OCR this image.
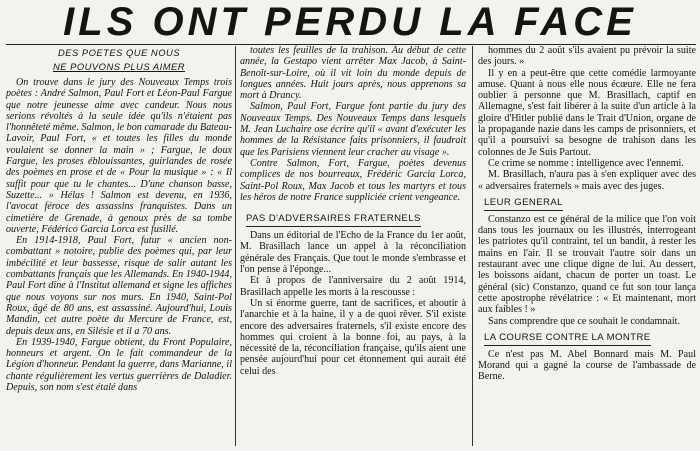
ILS ONT PERDU LA FACE
DES POETES QUE NOUS
NE POUVONS PLUS AIMER

On trouve dans le jury des Nouveaux Temps trois poètes : André Salmon, Paul Fort et Léon-Paul Fargue que notre jeunesse aime avec candeur. Nous nous serions révoltés à la seule idée qu'ils n'étaient pas l'honnêteté même. Salmon, le bon camarade du Bateau-Lavoir, Paul Fort, « et toutes les filles du monde voulaient se donner la main » ; Fargue, le doux Fargue, les proses éblouissantes, guirlandes de rosée des poèmes en prose et de « Pour la musique » : « Il suffit pour que tu le chantes... D'une chanson basse, Suzette... » Hélas ! Salmon est devenu, en 1936, l'avocat féroce des assassins franquistes. Dans un cimetière de Grenade, à genoux près de sa tombe ouverte, Fédérico Garcia Lorca est fusillé.

En 1914-1918, Paul Fort, futur « ancien non-combattant » notoire, publie des poèmes qui, par leur imbécilité et leur bassesse, risque de salir autant les combattants français que les Allemands. En 1940-1944, Paul Fort dîne à l'Institut allemand et signe les affiches que nous voyons sur nos murs. En 1940, Saint-Pol Roux, âgé de 80 ans, est assassiné. Aujourd'hui, Louis Mandin, cet autre poète du Mercure de France, est, depuis deux ans, en Silésie et il a 70 ans.

En 1939-1940, Fargue obtient, du Front Populaire, honneurs et argent. On le fait commandeur de la Légion d'honneur. Pendant la guerre, dans Marianne, il chante régulièrement les vertus guerrières de Daladier. Depuis, son nom s'est étalé dans

toutes les feuilles de la trahison. Au début de cette année, la Gestapo vient arrêter Max Jacob, à Saint-Benoît-sur-Loire, où il vit loin du monde depuis de longues années. Huit jours après, nous apprenons sa mort à Drancy.

Salmon, Paul Fort, Fargue font partie du jury des Nouveaux Temps. Des Nouveaux Temps dans lesquels M. Jean Luchaire ose écrire qu'il « avant d'exécuter les hommes de la Résistance faits prisonniers, il faudrait que les Parisiens viennent leur cracher au visage ».

Contre Salmon, Fort, Fargue, poètes devenus complices de nos bourreaux, Frédéric Garcia Lorca, Saint-Pol Roux, Max Jacob et tous les martyrs et tous les héros de notre France suppliciée crient vengeance.

PAS D'ADVERSAIRES FRATERNELS

Dans un éditorial de l'Echo de la France du 1er août, M. Brasillach lance un appel à la réconciliation générale des Français. Que tout le monde s'embrasse et l'on pense à l'éponge...

Et à propos de l'anniversaire du 2 août 1914, Brasillach appelle les morts à la rescousse :

Un si énorme guerre, tant de sacrifices, et aboutir à l'anarchie et à la haine, il y a de quoi rêver. S'il existe encore des adversaires fraternels, s'il existe encore des hommes qui croient à la bonne foi, au pays, à la nécessité de la, réconciliation française, qu'ils aient une pensée aujourd'hui pour cet étonnement qui aurait été celui des

hommes du 2 août s'ils avaient pu prévoir la suite des jours. »

Il y en a peut-être que cette comédie larmoyante amuse. Quant à nous elle nous écœure. Elle ne fera oublier à personne que M. Brasillach, captif en Allemagne, s'est fait libérer à la suite d'un article à la gloire d'Hitler publié dans le Trait d'Union, organe de la propagande nazie dans les camps de prisonniers, et qu'il a poursuivi sa besogne de trahison dans les colonnes de Je Suis Partout.

Ce crime se nomme : intelligence avec l'ennemi.

M. Brasillach, n'aura pas à s'en expliquer avec des « adversaires fraternels » mais avec des juges.

LEUR GENERAL

Constanzo est ce général de la milice que l'on voit dans tous les journaux ou les illustrés, interrogeant les patriotes qu'il contraint, tel un bandit, à rester les mains en l'air. Il se trouvait l'autre soir dans un restaurant avec une clique digne de lui. Au dessert, les boissons aidant, chacun de porter un toast. Le général (sic) Constanzo, quand ce fut son tour lança cette apostrophe révélatrice : « Et maintenant, mort aux faibles ! »

Sans comprendre que ce souhait le condamnait.

LA COURSE CONTRE LA MONTRE

Ce n'est pas M. Abel Bonnard mais M. Paul Morand qui a gagné la course de l'ambassade de Berne.
